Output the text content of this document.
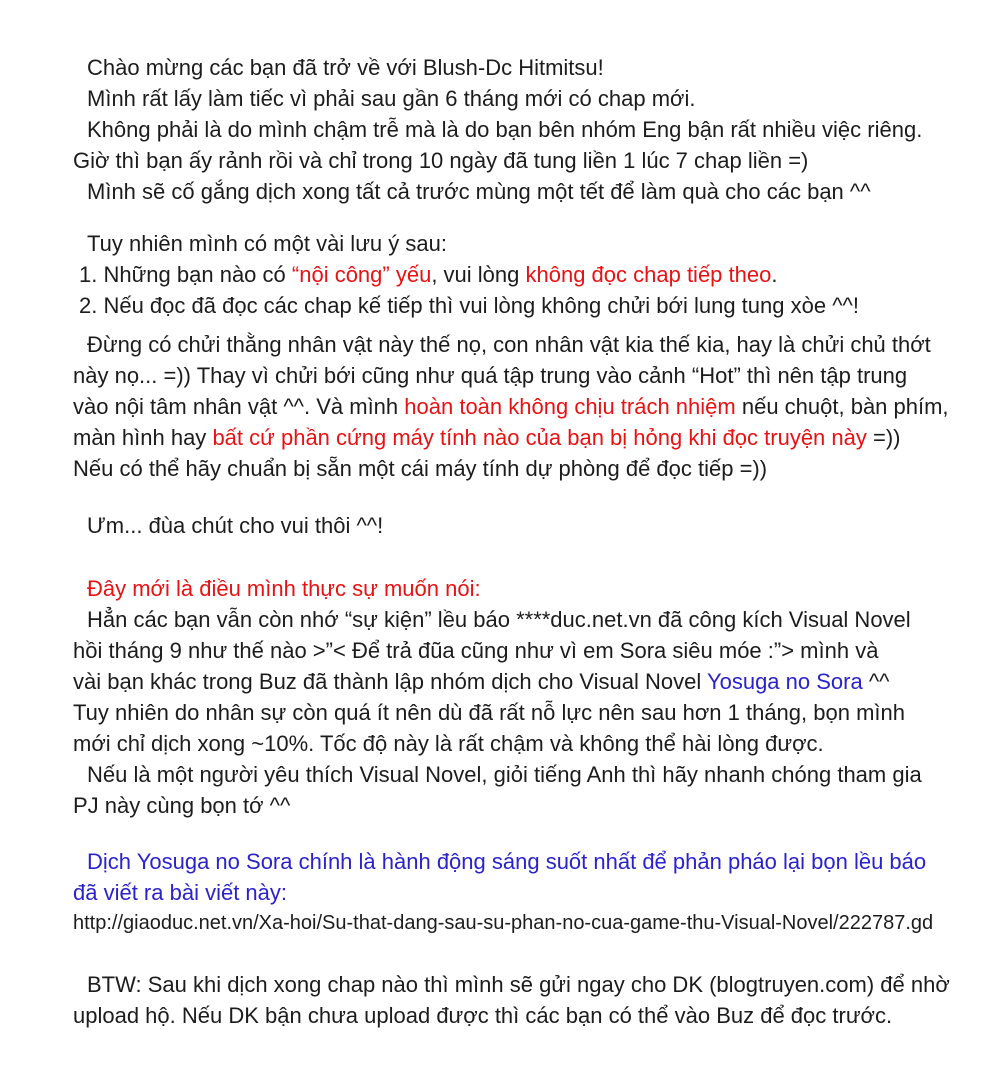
Chào mừng các bạn đã trở về với Blush-Dc Hitmitsu!
Mình rất lấy làm tiếc vì phải sau gần 6 tháng mới có chap mới.
Không phải là do mình chậm trễ mà là do bạn bên nhóm Eng bận rất nhiều việc riêng.
Giờ thì bạn ấy rảnh rồi và chỉ trong 10 ngày đã tung liền 1 lúc 7 chap liền =)
Mình sẽ cố gắng dịch xong tất cả trước mùng một tết để làm quà cho các bạn ^^
Tuy nhiên mình có một vài lưu ý sau:
1. Những bạn nào có “nội công” yếu, vui lòng không đọc chap tiếp theo.
2. Nếu đọc đã đọc các chap kế tiếp thì vui lòng không chửi bới lung tung xòe ^^!
Đừng có chửi thằng nhân vật này thế nọ, con nhân vật kia thế kia, hay là chửi chủ thớt
này nọ... =)) Thay vì chửi bới cũng như quá tập trung vào cảnh “Hot” thì nên tập trung
vào nội tâm nhân vật ^^. Và mình hoàn toàn không chịu trách nhiệm nếu chuột, bàn phím,
màn hình hay bất cứ phần cứng máy tính nào của bạn bị hỏng khi đọc truyện này =))
Nếu có thể hãy chuẩn bị sẵn một cái máy tính dự phòng để đọc tiếp =))
Ưm... đùa chút cho vui thôi ^^!
Đây mới là điều mình thực sự muốn nói:
Hẳn các bạn vẫn còn nhớ “sự kiện” lều báo ****duc.net.vn đã công kích Visual Novel
hồi tháng 9 như thế nào >”< Để trả đũa cũng như vì em Sora siêu móe :”> mình và
vài bạn khác trong Buz đã thành lập nhóm dịch cho Visual Novel Yosuga no Sora ^^
Tuy nhiên do nhân sự còn quá ít nên dù đã rất nỗ lực nên sau hơn 1 tháng, bọn mình
mới chỉ dịch xong ~10%. Tốc độ này là rất chậm và không thể hài lòng được.
Nếu là một người yêu thích Visual Novel, giỏi tiếng Anh thì hãy nhanh chóng tham gia
PJ này cùng bọn tớ ^^
Dịch Yosuga no Sora chính là hành động sáng suốt nhất để phản pháo lại bọn lều báo
đã viết ra bài viết này:
http://giaoduc.net.vn/Xa-hoi/Su-that-dang-sau-su-phan-no-cua-game-thu-Visual-Novel/222787.gd
BTW: Sau khi dịch xong chap nào thì mình sẽ gửi ngay cho DK (blogtruyen.com) để nhờ
upload hộ. Nếu DK bận chưa upload được thì các bạn có thể vào Buz để đọc trước.
